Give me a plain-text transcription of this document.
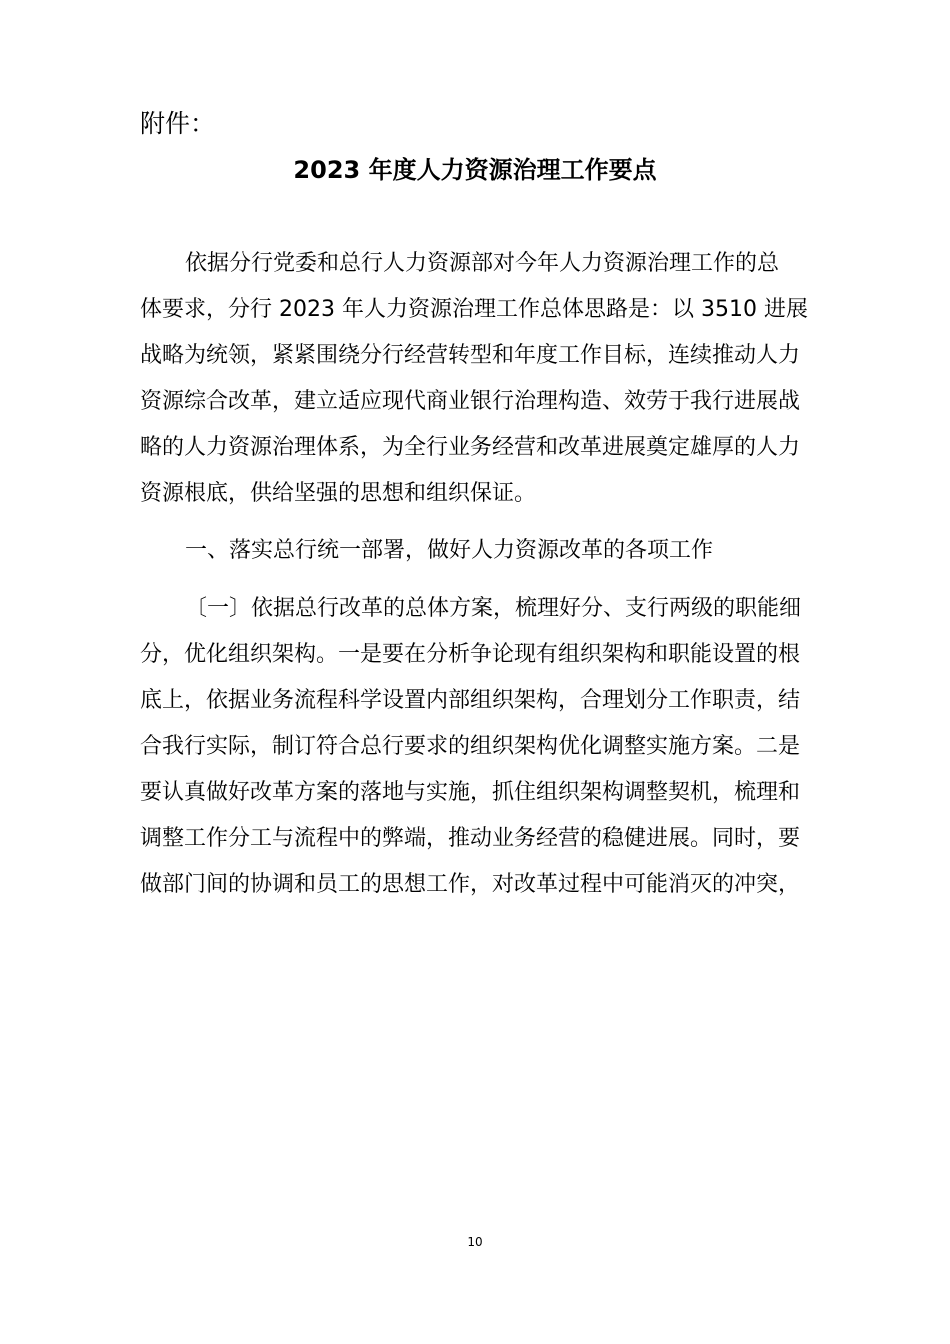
附件：
2023 年度人力资源治理工作要点
依据分行党委和总行人力资源部对今年人力资源治理工作的总
体要求，分行 2023 年人力资源治理工作总体思路是：以 3510 进展
战略为统领，紧紧围绕分行经营转型和年度工作目标，连续推动人力
资源综合改革，建立适应现代商业银行治理构造、效劳于我行进展战
略的人力资源治理体系，为全行业务经营和改革进展奠定雄厚的人力
资源根底，供给坚强的思想和组织保证。
一、落实总行统一部署，做好人力资源改革的各项工作
〔一〕依据总行改革的总体方案，梳理好分、支行两级的职能细
分，优化组织架构。一是要在分析争论现有组织架构和职能设置的根
底上，依据业务流程科学设置内部组织架构，合理划分工作职责，结
合我行实际，制订符合总行要求的组织架构优化调整实施方案。二是
要认真做好改革方案的落地与实施，抓住组织架构调整契机，梳理和
调整工作分工与流程中的弊端，推动业务经营的稳健进展。同时，要
做部门间的协调和员工的思想工作，对改革过程中可能消灭的冲突，
10
